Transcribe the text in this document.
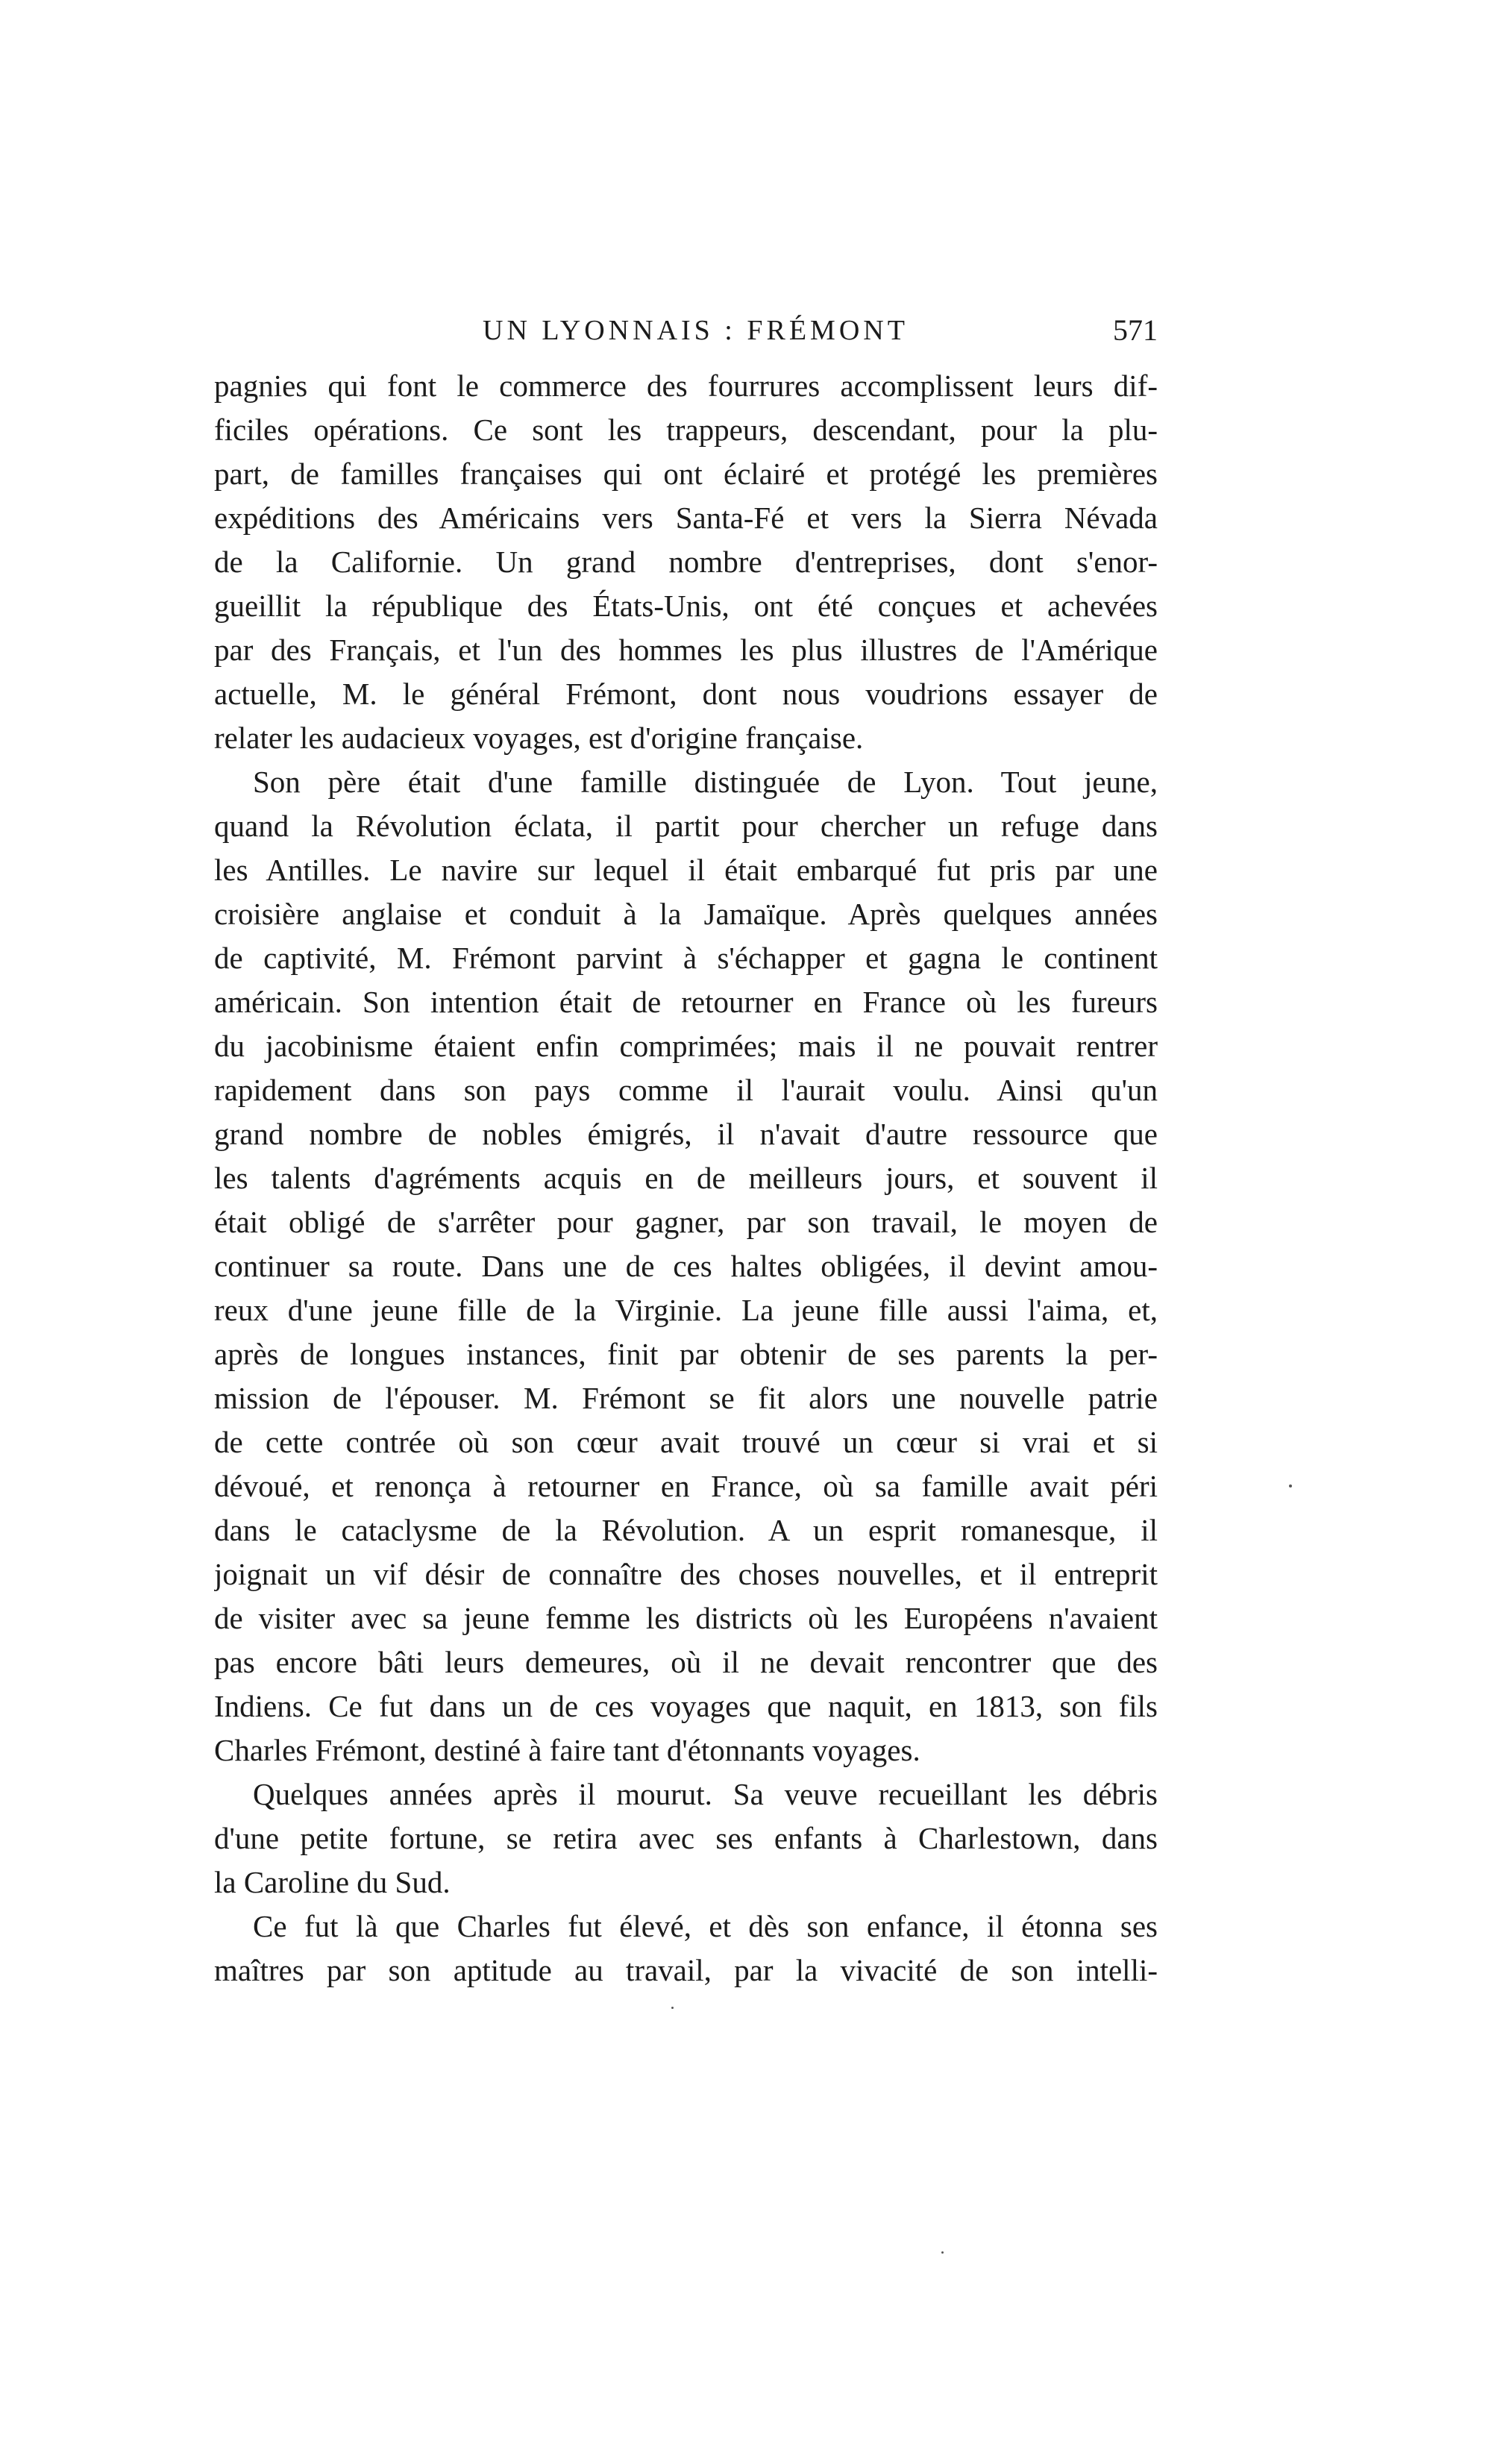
UN LYONNAIS : FRÉMONT	571
pagnies qui font le commerce des fourrures accomplissent leurs dif-
ficiles opérations. Ce sont les trappeurs, descendant, pour la plu-
part, de familles françaises qui ont éclairé et protégé les premières
expéditions des Américains vers Santa-Fé et vers la Sierra Névada
de la Californie. Un grand nombre d'entreprises, dont s'enor-
gueillit la république des États-Unis, ont été conçues et achevées
par des Français, et l'un des hommes les plus illustres de l'Amérique
actuelle, M. le général Frémont, dont nous voudrions essayer de
relater les audacieux voyages, est d'origine française.
Son père était d'une famille distinguée de Lyon. Tout jeune,
quand la Révolution éclata, il partit pour chercher un refuge dans
les Antilles. Le navire sur lequel il était embarqué fut pris par une
croisière anglaise et conduit à la Jamaïque. Après quelques années
de captivité, M. Frémont parvint à s'échapper et gagna le continent
américain. Son intention était de retourner en France où les fureurs
du jacobinisme étaient enfin comprimées; mais il ne pouvait rentrer
rapidement dans son pays comme il l'aurait voulu. Ainsi qu'un
grand nombre de nobles émigrés, il n'avait d'autre ressource que
les talents d'agréments acquis en de meilleurs jours, et souvent il
était obligé de s'arrêter pour gagner, par son travail, le moyen de
continuer sa route. Dans une de ces haltes obligées, il devint amou-
reux d'une jeune fille de la Virginie. La jeune fille aussi l'aima, et,
après de longues instances, finit par obtenir de ses parents la per-
mission de l'épouser. M. Frémont se fit alors une nouvelle patrie
de cette contrée où son cœur avait trouvé un cœur si vrai et si
dévoué, et renonça à retourner en France, où sa famille avait péri
dans le cataclysme de la Révolution. A un esprit romanesque, il
joignait un vif désir de connaître des choses nouvelles, et il entreprit
de visiter avec sa jeune femme les districts où les Européens n'avaient
pas encore bâti leurs demeures, où il ne devait rencontrer que des
Indiens. Ce fut dans un de ces voyages que naquit, en 1813, son fils
Charles Frémont, destiné à faire tant d'étonnants voyages.
Quelques années après il mourut. Sa veuve recueillant les débris
d'une petite fortune, se retira avec ses enfants à Charlestown, dans
la Caroline du Sud.
Ce fut là que Charles fut élevé, et dès son enfance, il étonna ses
maîtres par son aptitude au travail, par la vivacité de son intelli-
